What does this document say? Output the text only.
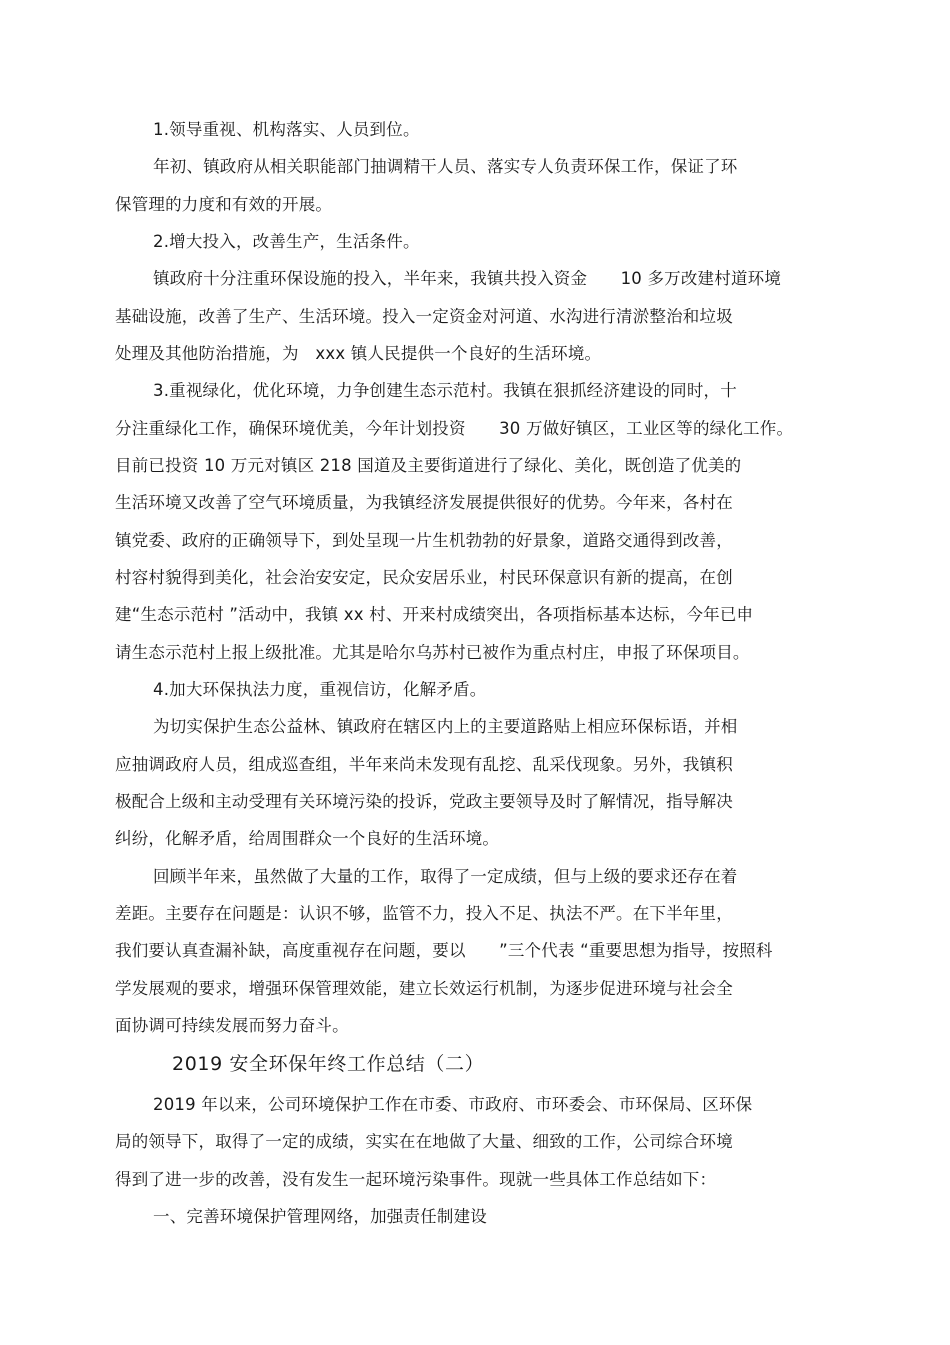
1.领导重视、机构落实、人员到位。
年初、镇政府从相关职能部门抽调精干人员、落实专人负责环保工作，保证了环
保管理的力度和有效的开展。
2.增大投入，改善生产，生活条件。
镇政府十分注重环保设施的投入，半年来，我镇共投入资金　　10 多万改建村道环境
基础设施，改善了生产、生活环境。投入一定资金对河道、水沟进行清淤整治和垃圾
处理及其他防治措施，为　xxx 镇人民提供一个良好的生活环境。
3.重视绿化，优化环境，力争创建生态示范村。我镇在狠抓经济建设的同时，十
分注重绿化工作，确保环境优美，今年计划投资　　30 万做好镇区，工业区等的绿化工作。
目前已投资 10 万元对镇区 218 国道及主要街道进行了绿化、美化，既创造了优美的
生活环境又改善了空气环境质量，为我镇经济发展提供很好的优势。今年来，各村在
镇党委、政府的正确领导下，到处呈现一片生机勃勃的好景象，道路交通得到改善，
村容村貌得到美化，社会治安安定，民众安居乐业，村民环保意识有新的提高，在创
建“生态示范村 ”活动中，我镇 xx 村、开来村成绩突出，各项指标基本达标，今年已申
请生态示范村上报上级批准。尤其是哈尔乌苏村已被作为重点村庄，申报了环保项目。
4.加大环保执法力度，重视信访，化解矛盾。
为切实保护生态公益林、镇政府在辖区内上的主要道路贴上相应环保标语，并相
应抽调政府人员，组成巡查组，半年来尚未发现有乱挖、乱采伐现象。另外，我镇积
极配合上级和主动受理有关环境污染的投诉，党政主要领导及时了解情况，指导解决
纠纷，化解矛盾，给周围群众一个良好的生活环境。
回顾半年来，虽然做了大量的工作，取得了一定成绩，但与上级的要求还存在着
差距。主要存在问题是：认识不够，监管不力，投入不足、执法不严。在下半年里，
我们要认真查漏补缺，高度重视存在问题，要以　　”三个代表 “重要思想为指导，按照科
学发展观的要求，增强环保管理效能，建立长效运行机制，为逐步促进环境与社会全
面协调可持续发展而努力奋斗。
2019 安全环保年终工作总结（二）
2019 年以来，公司环境保护工作在市委、市政府、市环委会、市环保局、区环保
局的领导下，取得了一定的成绩，实实在在地做了大量、细致的工作，公司综合环境
得到了进一步的改善，没有发生一起环境污染事件。现就一些具体工作总结如下：
一、完善环境保护管理网络，加强责任制建设
